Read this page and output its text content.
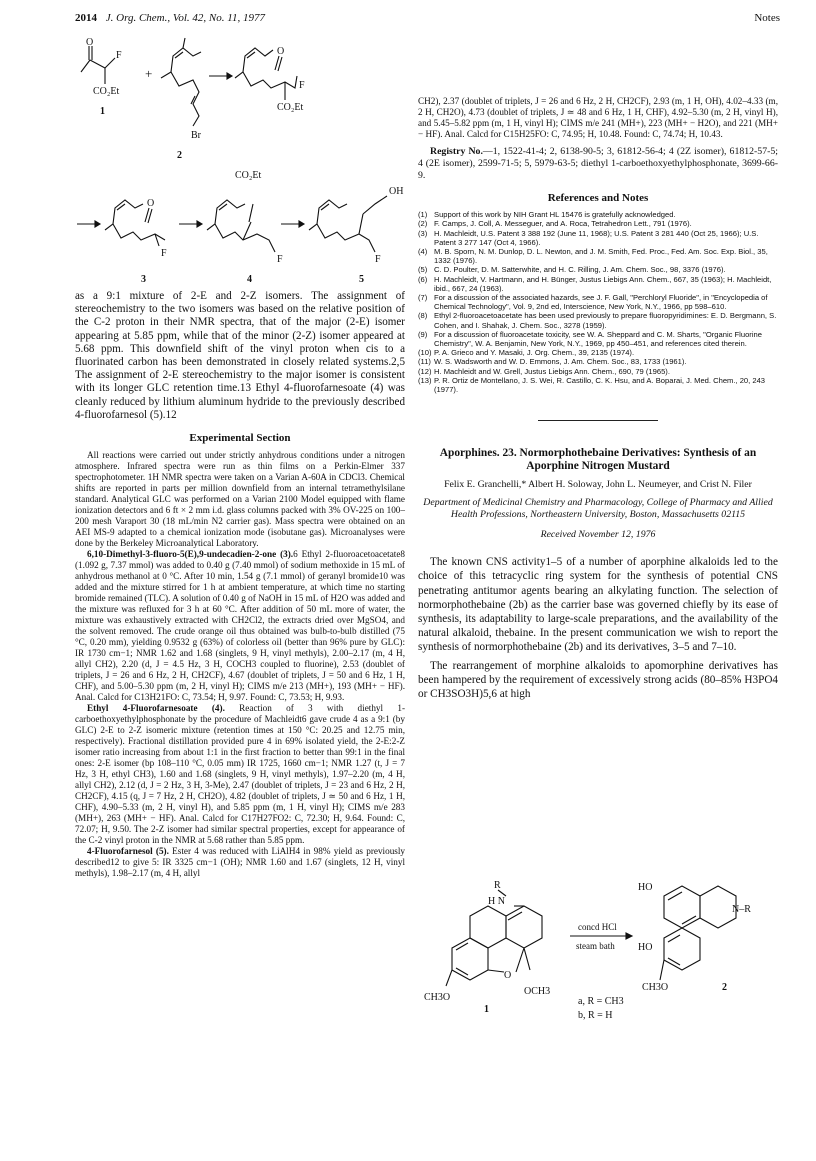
2014 J. Org. Chem., Vol. 42, No. 11, 1977	Notes
O
F
CO₂Et
1
+
Br
2
O
F
CO₂Et
O
F
3
CO₂Et
F
4
OH
F
5

as a 9:1 mixture of 2-E and 2-Z isomers. The assignment of stereochemistry to the two isomers was based on the relative position of the C-2 proton in their NMR spectra, that of the major (2-E) isomer appearing at 5.85 ppm, while that of the minor (2-Z) isomer appeared at 5.68 ppm. This downfield shift of the vinyl proton when cis to a fluorinated carbon has been demonstrated in closely related systems.2,5 The assignment of 2-E stereochemistry to the major isomer is consistent with its longer GLC retention time.13 Ethyl 4-fluorofarnesoate (4) was cleanly reduced by lithium aluminum hydride to the previously described 4-fluorofarnesol (5).12

Experimental Section

All reactions were carried out under strictly anhydrous conditions under a nitrogen atmosphere. Infrared spectra were run as thin films on a Perkin-Elmer 337 spectrophotometer. 1H NMR spectra were taken on a Varian A-60A in CDCl3. Chemical shifts are reported in parts per million downfield from an internal tetramethylsilane standard. Analytical GLC was performed on a Varian 2100 Model equipped with flame ionization detectors and 6 ft × 2 mm i.d. glass columns packed with 3% OV-225 on 100–200 mesh Varaport 30 (18 mL/min N2 carrier gas). Mass spectra were obtained on an AEI MS-9 adapted to a chemical ionization mode (isobutane gas). Microanalyses were done by the Berkeley Microanalytical Laboratory.

6,10-Dimethyl-3-fluoro-5(E),9-undecadien-2-one (3).6 Ethyl 2-fluoroacetoacetate8 (1.092 g, 7.37 mmol) was added to 0.40 g (7.40 mmol) of sodium methoxide in 15 mL of anhydrous methanol at 0 °C. After 10 min, 1.54 g (7.1 mmol) of geranyl bromide10 was added and the mixture stirred for 1 h at ambient temperature, at which time no starting bromide remained (TLC). A solution of 0.40 g of NaOH in 15 mL of H2O was added and the mixture was refluxed for 3 h at 60 °C. After addition of 50 mL more of water, the mixture was exhaustively extracted with CH2Cl2, the extracts dried over MgSO4, and the solvent removed. The crude orange oil thus obtained was bulb-to-bulb distilled (75 °C, 0.20 mm), yielding 0.9532 g (63%) of colorless oil (better than 96% pure by GLC): IR 1730 cm−1; NMR 1.62 and 1.68 (singlets, 9 H, vinyl methyls), 2.00–2.17 (m, 4 H, allyl CH2), 2.20 (d, J = 4.5 Hz, 3 H, COCH3 coupled to fluorine), 2.53 (doublet of triplets, J = 26 and 6 Hz, 2 H, CH2CF), 4.67 (doublet of triplets, J = 50 and 6 Hz, 1 H, CHF), and 5.00–5.30 ppm (m, 2 H, vinyl H); CIMS m/e 213 (MH+), 193 (MH+ − HF). Anal. Calcd for C13H21FO: C, 73.54; H, 9.97. Found: C, 73.53; H, 9.93.

Ethyl 4-Fluorofarnesoate (4). Reaction of 3 with diethyl 1-carboethoxyethylphosphonate by the procedure of Machleidt6 gave crude 4 as a 9:1 (by GLC) 2-E to 2-Z isomeric mixture (retention times at 150 °C: 20.25 and 12.75 min, respectively). Fractional distillation provided pure 4 in 69% isolated yield, the 2-E:2-Z isomer ratio increasing from about 1:1 in the first fraction to better than 99:1 in the final ones: 2-E isomer (bp 108–110 °C, 0.05 mm) IR 1725, 1660 cm−1; NMR 1.27 (t, J = 7 Hz, 3 H, ethyl CH3), 1.60 and 1.68 (singlets, 9 H, vinyl methyls), 1.97–2.20 (m, 4 H, allyl CH2), 2.12 (d, J = 2 Hz, 3 H, 3-Me), 2.47 (doublet of triplets, J = 23 and 6 Hz, 2 H, CH2CF), 4.15 (q, J = 7 Hz, 2 H, CH2O), 4.82 (doublet of triplets, J ≃ 50 and 6 Hz, 1 H, CHF), 4.90–5.33 (m, 2 H, vinyl H), and 5.85 ppm (m, 1 H, vinyl H); CIMS m/e 283 (MH+), 263 (MH+ − HF). Anal. Calcd for C17H27FO2: C, 72.30; H, 9.64. Found: C, 72.07; H, 9.50. The 2-Z isomer had similar spectral properties, except for appearance of the C-2 vinyl proton in the NMR at 5.68 rather than 5.85 ppm.

4-Fluorofarnesol (5). Ester 4 was reduced with LiAlH4 in 98% yield as previously described12 to give 5: IR 3325 cm−1 (OH); NMR 1.60 and 1.67 (singlets, 12 H, vinyl methyls), 1.98–2.17 (m, 4 H, allyl

CH2), 2.37 (doublet of triplets, J = 26 and 6 Hz, 2 H, CH2CF), 2.93 (m, 1 H, OH), 4.02–4.33 (m, 2 H, CH2O), 4.73 (doublet of triplets, J ≃ 48 and 6 Hz, 1 H, CHF), 4.92–5.30 (m, 2 H, vinyl H), and 5.45–5.82 ppm (m, 1 H, vinyl H); CIMS m/e 241 (MH+), 223 (MH+ − H2O), and 221 (MH+ − HF). Anal. Calcd for C15H25FO: C, 74.95; H, 10.48. Found: C, 74.74; H, 10.43.

Registry No.—1, 1522-41-4; 2, 6138-90-5; 3, 61812-56-4; 4 (2Z isomer), 61812-57-5; 4 (2E isomer), 2599-71-5; 5, 5979-63-5; diethyl 1-carboethoxyethylphosphonate, 3699-66-9.

References and Notes
(1) Support of this work by NIH Grant HL 15476 is gratefully acknowledged.
(2) F. Camps, J. Coll, A. Messeguer, and A. Roca, Tetrahedron Lett., 791 (1976).
(3) H. Machleidt, U.S. Patent 3 388 192 (June 11, 1968); U.S. Patent 3 281 440 (Oct 25, 1966); U.S. Patent 3 277 147 (Oct 4, 1966).
(4) M. B. Sporn, N. M. Dunlop, D. L. Newton, and J. M. Smith, Fed. Proc., Fed. Am. Soc. Exp. Biol., 35, 1332 (1976).
(5) C. D. Poulter, D. M. Satterwhite, and H. C. Rilling, J. Am. Chem. Soc., 98, 3376 (1976).
(6) H. Machleidt, V. Hartmann, and H. Bünger, Justus Liebigs Ann. Chem., 667, 35 (1963); H. Machleidt, ibid., 667, 24 (1963).
(7) For a discussion of the associated hazards, see J. F. Gall, "Perchloryl Fluoride", in "Encyclopedia of Chemical Technology", Vol. 9, 2nd ed, Interscience, New York, N.Y., 1966, pp 598–610.
(8) Ethyl 2-fluoroacetoacetate has been used previously to prepare fluoropyridimines: E. D. Bergmann, S. Cohen, and I. Shahak, J. Chem. Soc., 3278 (1959).
(9) For a discussion of fluoroacetate toxicity, see W. A. Sheppard and C. M. Sharts, "Organic Fluorine Chemistry", W. A. Benjamin, New York, N.Y., 1969, pp 450–451, and references cited therein.
(10) P. A. Grieco and Y. Masaki, J. Org. Chem., 39, 2135 (1974).
(11) W. S. Wadsworth and W. D. Emmons, J. Am. Chem. Soc., 83, 1733 (1961).
(12) H. Machleidt and W. Grell, Justus Liebigs Ann. Chem., 690, 79 (1965).
(13) P. R. Ortiz de Montellano, J. S. Wei, R. Castillo, C. K. Hsu, and A. Boparai, J. Med. Chem., 20, 243 (1977).
Aporphines. 23. Normorphothebaine Derivatives: Synthesis of an Aporphine Nitrogen Mustard
Felix E. Granchelli,* Albert H. Soloway, John L. Neumeyer, and Crist N. Filer
Department of Medicinal Chemistry and Pharmacology, College of Pharmacy and Allied Health Professions, Northeastern University, Boston, Massachusetts 02115
Received November 12, 1976

The known CNS activity1–5 of a number of aporphine alkaloids led to the choice of this tetracyclic ring system for the synthesis of potential CNS penetrating antitumor agents bearing an alkylating function. The selection of normorphothebaine (2b) as the carrier base was governed chiefly by its ease of synthesis, its adaptability to large-scale preparations, and the availability of the natural alkaloid, thebaine. In the present communication we wish to report the synthesis of normorphothebaine (2b) and its derivatives, 3–5 and 7–10.

The rearrangement of morphine alkaloids to apomorphine derivatives has been hampered by the requirement of excessively strong acids (80–85% H3PO4 or CH3SO3H)5,6 at high

R
H N
O
CH3O
OCH3
1
concd HCl
steam bath
HO
N–R
HO
CH3O	2
a, R = CH3
b, R = H
